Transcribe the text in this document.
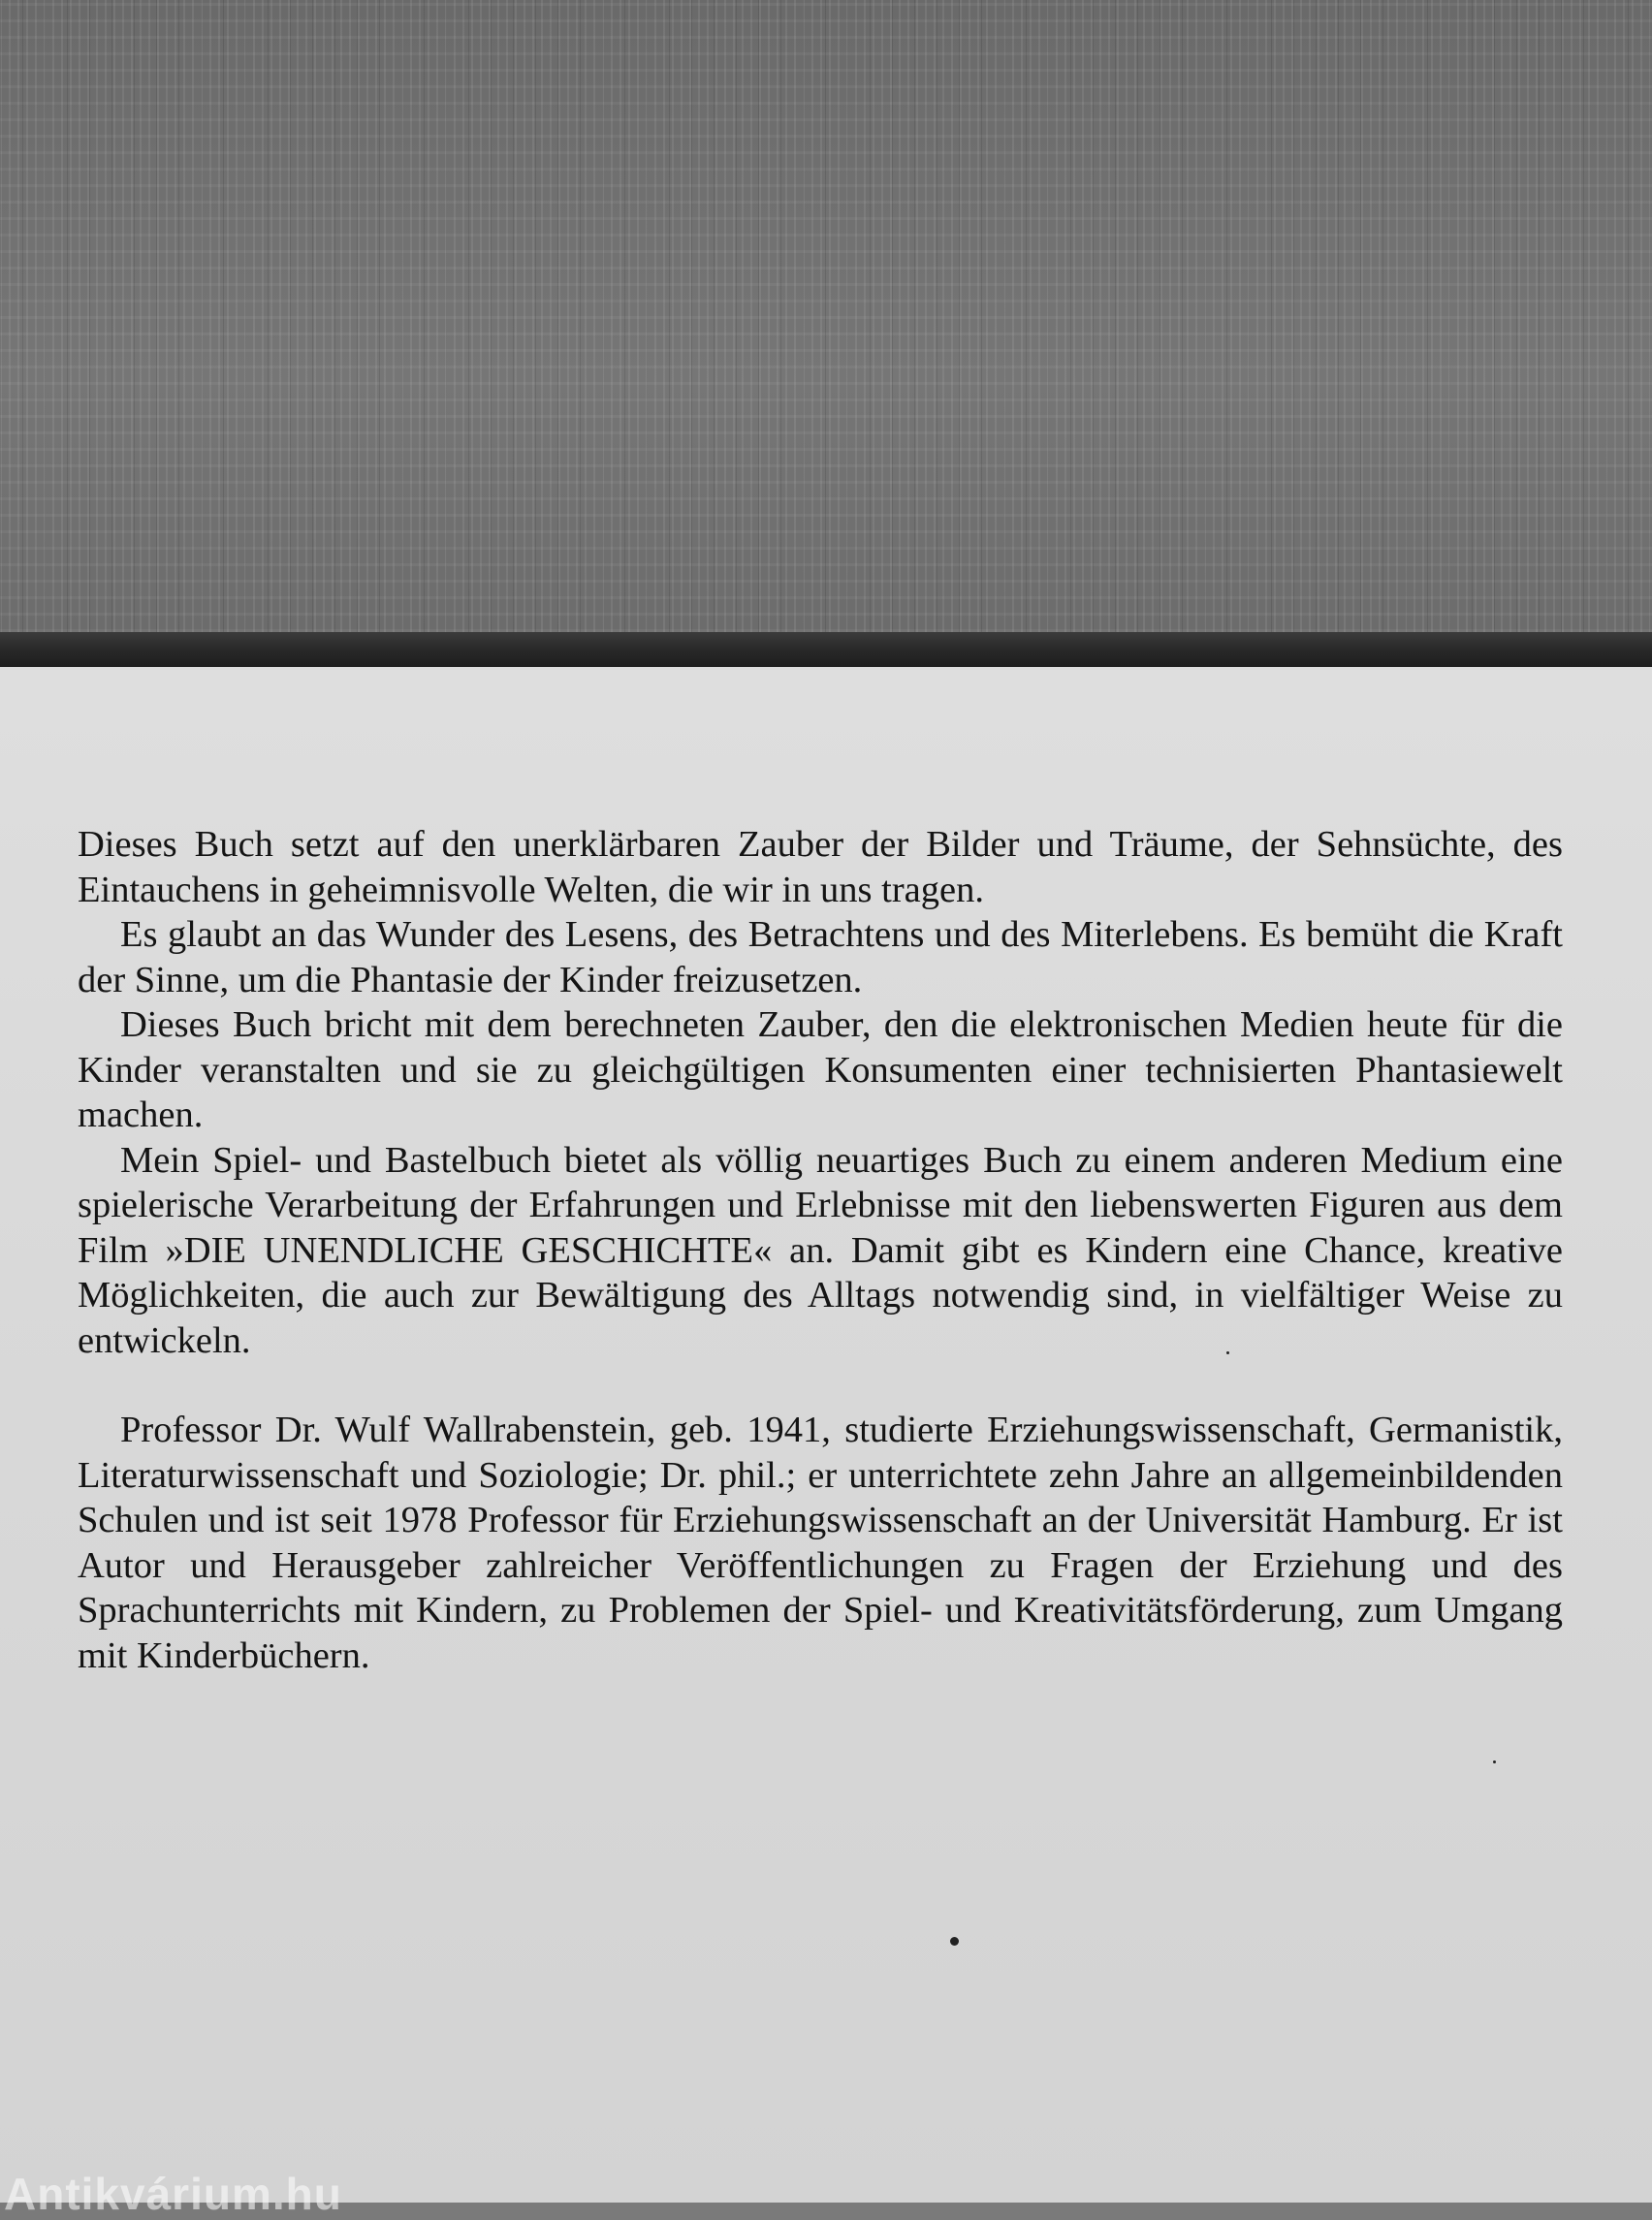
Dieses Buch setzt auf den unerklärbaren Zauber der Bilder und Träume, der Sehnsüchte, des Eintauchens in geheimnisvolle Welten, die wir in uns tragen.

Es glaubt an das Wunder des Lesens, des Betrachtens und des Miterlebens. Es bemüht die Kraft der Sinne, um die Phantasie der Kinder freizusetzen.

Dieses Buch bricht mit dem berechneten Zauber, den die elektronischen Medien heute für die Kinder veranstalten und sie zu gleichgültigen Konsumenten einer technisierten Phantasiewelt machen.

Mein Spiel- und Bastelbuch bietet als völlig neuartiges Buch zu einem anderen Medium eine spielerische Verarbeitung der Erfahrungen und Erlebnisse mit den liebenswerten Figuren aus dem Film »DIE UNENDLICHE GESCHICHTE« an. Damit gibt es Kindern eine Chance, kreative Möglichkeiten, die auch zur Bewältigung des Alltags notwendig sind, in vielfältiger Weise zu entwickeln.

Professor Dr. Wulf Wallrabenstein, geb. 1941, studierte Erziehungswissenschaft, Germanistik, Literaturwissenschaft und Soziologie; Dr. phil.; er unterrichtete zehn Jahre an allgemeinbildenden Schulen und ist seit 1978 Professor für Erziehungswissenschaft an der Universität Hamburg. Er ist Autor und Herausgeber zahlreicher Veröffentlichungen zu Fragen der Erziehung und des Sprachunterrichts mit Kindern, zu Problemen der Spiel- und Kreativitätsförderung, zum Umgang mit Kinderbüchern.

Antikvárium.hu
